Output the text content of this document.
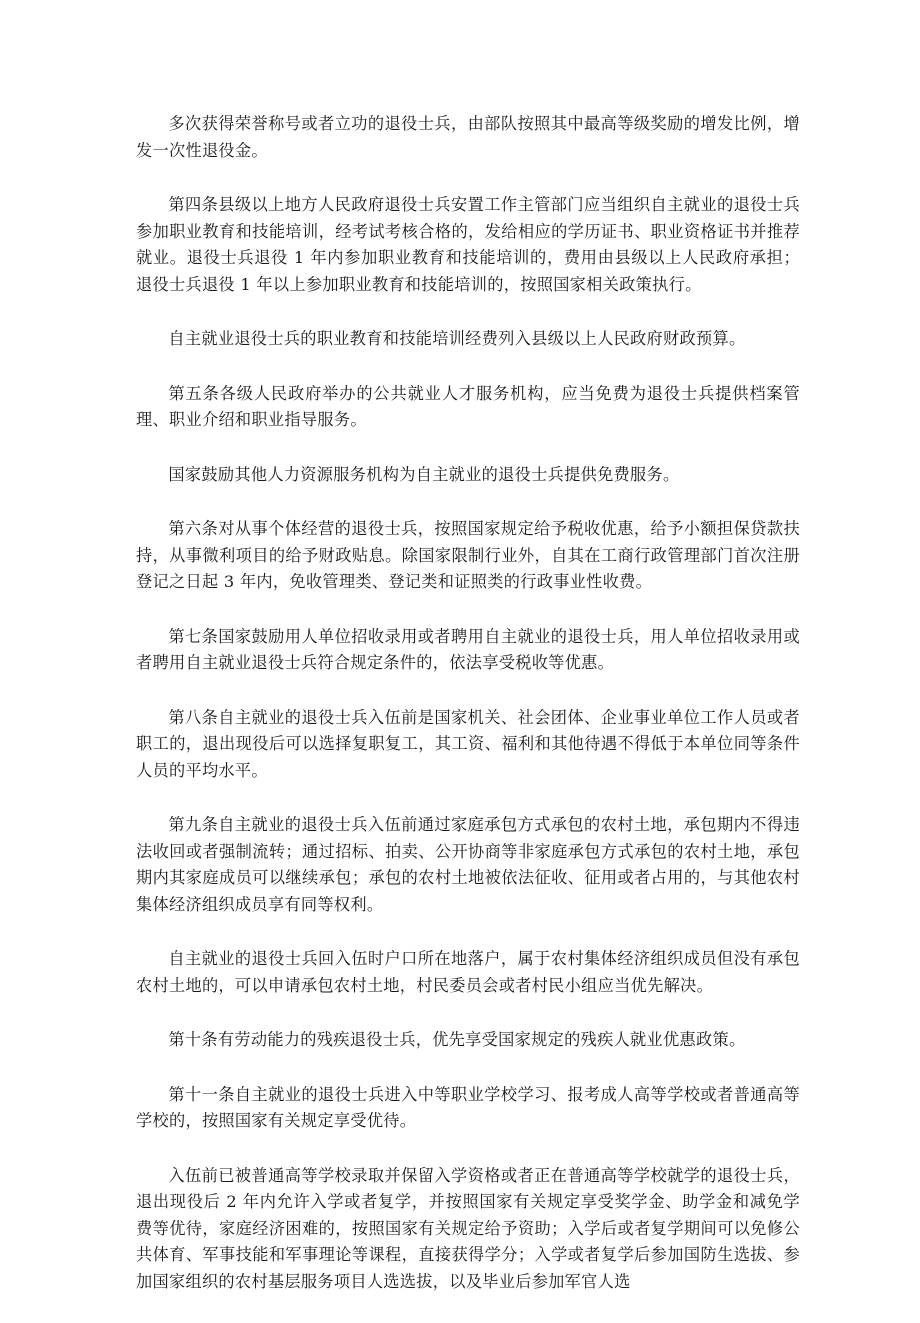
多次获得荣誉称号或者立功的退役士兵，由部队按照其中最高等级奖励的增发比例，增发一次性退役金。

第四条县级以上地方人民政府退役士兵安置工作主管部门应当组织自主就业的退役士兵参加职业教育和技能培训，经考试考核合格的，发给相应的学历证书、职业资格证书并推荐就业。退役士兵退役 1 年内参加职业教育和技能培训的，费用由县级以上人民政府承担；退役士兵退役 1 年以上参加职业教育和技能培训的，按照国家相关政策执行。

自主就业退役士兵的职业教育和技能培训经费列入县级以上人民政府财政预算。

第五条各级人民政府举办的公共就业人才服务机构，应当免费为退役士兵提供档案管理、职业介绍和职业指导服务。

国家鼓励其他人力资源服务机构为自主就业的退役士兵提供免费服务。

第六条对从事个体经营的退役士兵，按照国家规定给予税收优惠，给予小额担保贷款扶持，从事微利项目的给予财政贴息。除国家限制行业外，自其在工商行政管理部门首次注册登记之日起 3 年内，免收管理类、登记类和证照类的行政事业性收费。

第七条国家鼓励用人单位招收录用或者聘用自主就业的退役士兵，用人单位招收录用或者聘用自主就业退役士兵符合规定条件的，依法享受税收等优惠。

第八条自主就业的退役士兵入伍前是国家机关、社会团体、企业事业单位工作人员或者职工的，退出现役后可以选择复职复工，其工资、福利和其他待遇不得低于本单位同等条件人员的平均水平。

第九条自主就业的退役士兵入伍前通过家庭承包方式承包的农村土地，承包期内不得违法收回或者强制流转；通过招标、拍卖、公开协商等非家庭承包方式承包的农村土地，承包期内其家庭成员可以继续承包；承包的农村土地被依法征收、征用或者占用的，与其他农村集体经济组织成员享有同等权利。

自主就业的退役士兵回入伍时户口所在地落户，属于农村集体经济组织成员但没有承包农村土地的，可以申请承包农村土地，村民委员会或者村民小组应当优先解决。

第十条有劳动能力的残疾退役士兵，优先享受国家规定的残疾人就业优惠政策。

第十一条自主就业的退役士兵进入中等职业学校学习、报考成人高等学校或者普通高等学校的，按照国家有关规定享受优待。

入伍前已被普通高等学校录取并保留入学资格或者正在普通高等学校就学的退役士兵，退出现役后 2 年内允许入学或者复学，并按照国家有关规定享受奖学金、助学金和减免学费等优待，家庭经济困难的，按照国家有关规定给予资助；入学后或者复学期间可以免修公共体育、军事技能和军事理论等课程，直接获得学分；入学或者复学后参加国防生选拔、参加国家组织的农村基层服务项目人选选拔，以及毕业后参加军官人选
